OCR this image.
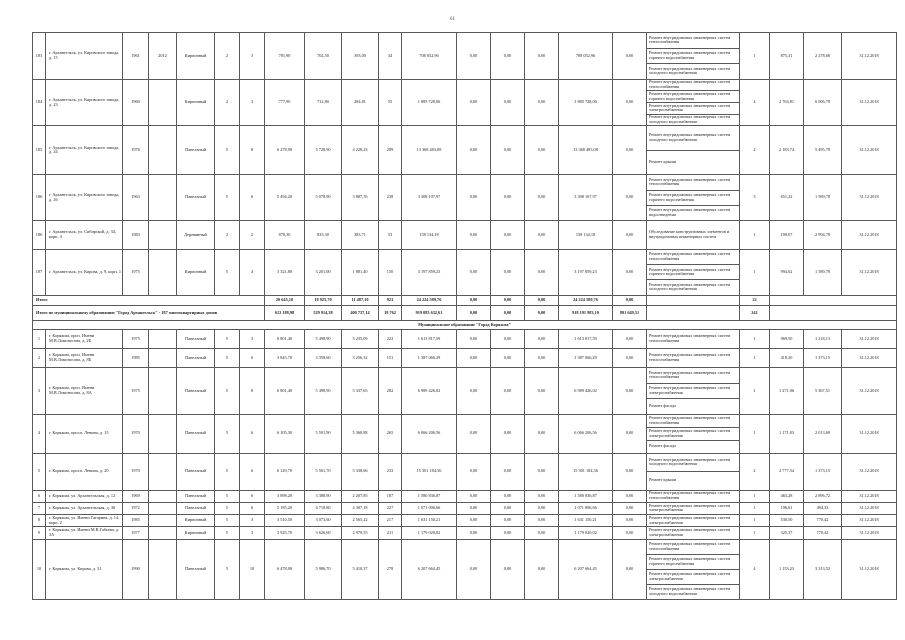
61
183	г. Архангельск, ул. Кировского завода, д. 15	1961	2012	Кирпичный	2	3	781,90	702,50	393,00	34	708 052,96	0,00	0,00	0,00	708 052,96	0,00	Ремонт внутридомовых инженерных систем теплоснабжения	1	875,31	2 278,68	31.12.2018
																	Ремонт внутридомовых инженерных систем горячего водоснабжения				
																	Ремонт внутридомовых инженерных систем холодного водоснабжения				
184	г. Архангельск, ул. Кировского завода, д. 23	1960		Кирпичный	2	3	777,90	712,80	284,81	55	1 885 728,06	0,00	0,00	0,00	1 885 728,06	0,00	Ремонт внутридомовых инженерных систем теплоснабжения	4	2 763,81	6 006,78	31.12.2018
																	Ремонт внутридомовых инженерных систем горячего водоснабжения				
																	Ремонт внутридомовых инженерных систем электроснабжения				
																	Ремонт внутридомовых инженерных систем холодного водоснабжения				
185	г. Архангельск, ул. Кировского завода, д. 24	1976		Панельный	5	8	6 278,90	5 728,90	4 228,23	289	13 368 483,08	0,00	0,00	0,00	13 368 483,08	0,00	Ремонт внутридомовых инженерных систем холодного водоснабжения	2	2 183,74	5 495,78	31.12.2018
																	Ремонт крыши				
186	г. Архангельск, ул. Кировского завода, д. 26	1963		Панельный	5	6	5 494,20	5 078,90	3 887,76	238	3 308 107,97	0,00	0,00	0,00	3 308 107,97	0,00	Ремонт внутридомовых инженерных систем теплоснабжения	3	651,22	1 589,78	31.12.2018
																	Ремонт внутридомовых инженерных систем горячего водоснабжения				
																	Ремонт внутридомовых инженерных систем водоотведения				
186	г. Архангельск, ул. Сибирской, д. 34, корп. 4	1983		Деревянный	2	2	878,30	835,30	383,71	53	158 134,18	0,00	0,00	0,00	158 134,18	0,00	Обследование конструктивных элементов и внутридомовых инженерных систем	1	190,07	2 994,78	31.12.2018
187	г. Архангельск, ул. Кирова, д. 9, корп. 1	1975		Кирпичный	5	4	3 321,80	3 201,00	1 881,40	150	3 197 859,23	0,00	0,00	0,00	3 197 859,23	0,00	Ремонт внутридомовых инженерных систем теплоснабжения	1	994,62	1 589,78	31.12.2018
																	Ремонт внутридомовых инженерных систем горячего водоснабжения				
																	Ремонт внутридомовых инженерных систем холодного водоснабжения				
Итого							20 645,10	18 925,70	11 487,10	923	24 224 589,76	0,00	0,00	0,00	24 224 589,76	0,00		22			
Итого по муниципальному образованию "Город Архангельск" - 187 многоквартирных домов							612 188,98	529 914,38	400 737,14	19 762	919 083 632,61	0,00	0,00	0,00	918 191 983,10	891 649,51		241			
Муниципальное образование "Город Коряжма"																					
1	г. Коряжма, прсп. Имени М.В.Ломоносова, д. 2Б	1975		Панельный	5	3	6 801,40	5 498,90	5 235,09	222	1 613 817,59	0,00	0,00	0,00	1 613 817,59	0,00	Ремонт внутридомовых инженерных систем теплоснабжения	1	969,50	1 218,13	31.12.2018
2	г. Коряжма, прсп. Имени М.В.Ломоносова, д. 8Б	1985		Панельный	5	6	3 845,70	3 358,60	3 256,32	151	1 387 066,29	0,00	0,00	0,00	1 387 066,29	0,00	Ремонт внутридомовых инженерных систем теплоснабжения	1	418,20	1 373,15	31.12.2018
3	г. Коряжма, прсп. Имени М.В.Ломоносова, д. 8А	1975		Панельный	5	8	6 801,40	5 498,90	5 337,65	282	6 989 426,02	0,00	0,00	0,00	6 989 426,02	0,00	Ремонт внутридомовых инженерных систем теплоснабжения	1	1 271,06	5 367,51	31.12.2018
																	Ремонт внутридомовых инженерных систем электроснабжения				
																	Ремонт фасада				
4	г. Коряжма, просп. Ленина, д. 15	1970		Панельный	5	6	6 105,30	5 591,90	5 360,88	265	6 066 206,56	0,00	0,00	0,00	6 066 206,56	0,00	Ремонт внутридомовых инженерных систем теплоснабжения	1	1 171,03	2 013,69	31.12.2018
																	Ремонт внутридомовых инженерных систем электроснабжения				
																	Ремонт фасада				
5	г. Коряжма, просп. Ленина, д. 20	1970		Панельный	5	6	6 129,70	5 561,70	5 338,66	233	15 301 184,36	0,00	0,00	0,00	15 301 184,36	0,00	Ремонт внутридомовых инженерных систем холодного водоснабжения	2	2 777,54	1 373,15	31.12.2018
																	Ремонт крыши				
6	г. Коряжма, ул. Архангельская, д. 12	1969		Панельный	5	6	3 898,20	3 388,90	2 207,85	187	1 580 836,87	0,00	0,00	0,00	1 580 836,87	0,00	Ремонт внутридомовых инженерных систем теплоснабжения	1	463,28	2 896,72	31.12.2018
7	г. Коряжма, ул. Архангельская, д. 36	1972		Панельный	5	6	5 185,20	4 718,80	4 307,18	227	1 071 006,66	0,00	0,00	0,00	1 071 006,66	0,00	Ремонт внутридомовых инженерных систем электроснабжения	1	196,61	494,33	31.12.2018
8	г. Коряжма, ул. Имени Гагарина, д. 14, корп. 2	1985		Кирпичный	5	3	3 510,50	3 073,60	2 565,22	217	1 631 150,21	0,00	0,00	0,00	1 631 150,21	0,00	Ремонт внутридомовых инженерных систем электроснабжения	1	530,50	770,42	31.12.2018
9	г. Коряжма, ул. Имени М.В.Габьева, д. 3А	1977		Кирпичный	5	3	3 925,70	3 626,60	2 979,55	211	1 179 020,02	0,00	0,00	0,00	1 179 020,02	0,00	Ремонт внутридомовых инженерных систем электроснабжения	1	325,37	770,42	31.12.2018
10	г. Коряжма, ул. Кирова, д. 31	1990		Панельный	5	10	6 478,90	5 986,70	5 410,37	278	6 207 664,45	0,00	0,00	0,00	6 207 664,45	0,00	Ремонт внутридомовых инженерных систем теплоснабжения	4	1 153,23	3 313,52	31.12.2018
																	Ремонт внутридомовых инженерных систем горячего водоснабжения				
																	Ремонт внутридомовых инженерных систем электроснабжения				
																	Ремонт внутридомовых инженерных систем холодного водоснабжения				
